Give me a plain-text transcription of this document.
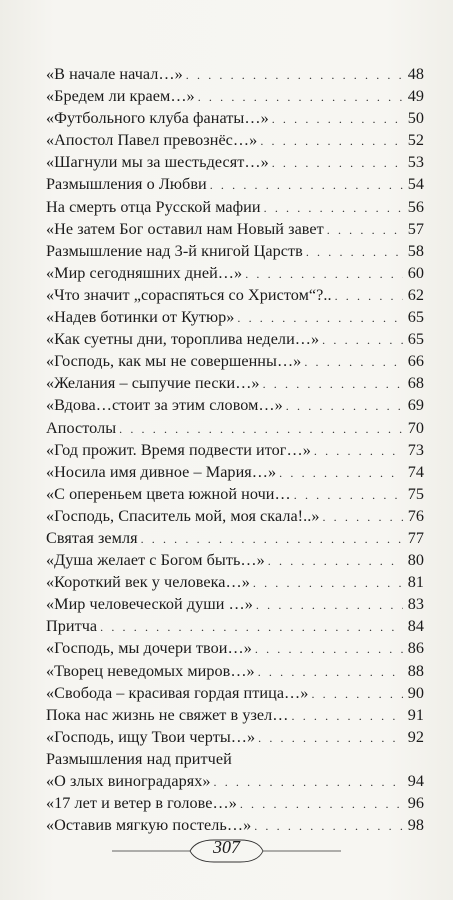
«В начале начал…» . . .	48
«Бредем ли краем…» . . .	49
«Футбольного клуба фанаты…» . . .	50
«Апостол Павел превознёс…» . . .	52
«Шагнули мы за шестьдесят…» . . .	53
Размышления о Любви . . .	54
На смерть отца Русской мафии . . .	56
«Не затем Бог оставил нам Новый завет . . .	57
Размышление над 3-й книгой Царств . . .	58
«Мир сегодняшних дней…» . . .	60
«Что значит „сораспяться со Христом“?.. . . .	62
«Надев ботинки от Кутюр» . . .	65
«Как суетны дни, тороплива недели…» . . .	65
«Господь, как мы не совершенны…» . . .	66
«Желания – сыпучие пески…» . . .	68
«Вдова…стоит за этим словом…» . . .	69
Апостолы . . .	70
«Год прожит. Время подвести итог…» . . .	73
«Носила имя дивное – Мария…» . . .	74
«С опереньем цвета южной ночи… . . .	75
«Господь, Спаситель мой, моя скала!..» . . .	76
Святая земля . . .	77
«Душа желает с Богом быть…» . . .	80
«Короткий век у человека…» . . .	81
«Мир человеческой души …» . . .	83
Притча . . .	84
«Господь, мы дочери твои…» . . .	86
«Творец неведомых миров…» . . .	88
«Свобода – красивая гордая птица…» . . .	90
Пока нас жизнь не свяжет в узел… . . .	91
«Господь, ищу Твои черты…» . . .	92
Размышления над притчей
«О злых виноградарях» . . .	94
«17 лет и ветер в голове…» . . .	96
«Оставив мягкую постель…» . . .	98
307
